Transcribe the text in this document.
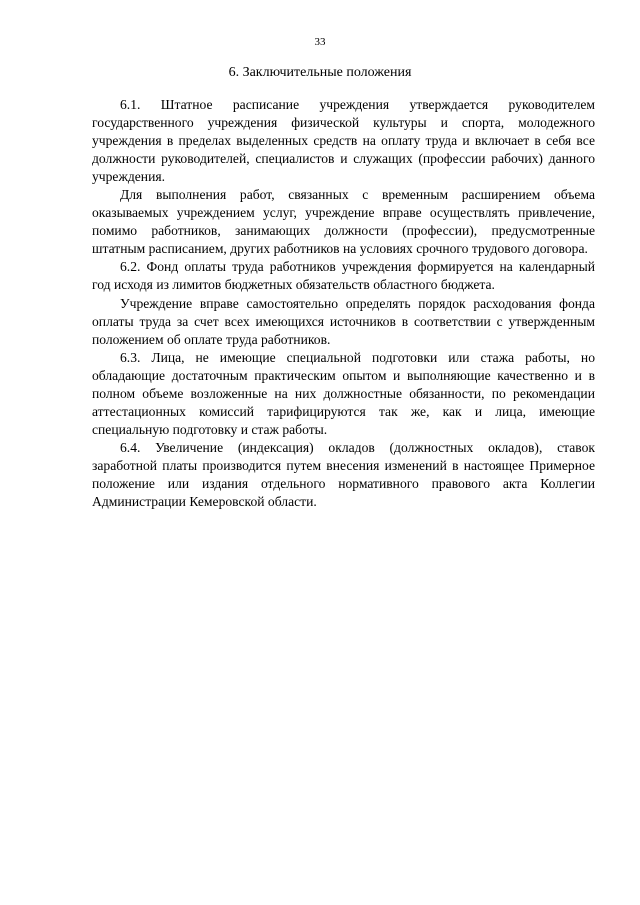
33
6. Заключительные положения

6.1. Штатное расписание учреждения утверждается руководителем государственного учреждения физической культуры и спорта, молодежного учреждения в пределах выделенных средств на оплату труда и включает в себя все должности руководителей, специалистов и служащих (профессии рабочих) данного учреждения.

Для выполнения работ, связанных с временным расширением объема оказываемых учреждением услуг, учреждение вправе осуществлять привлечение, помимо работников, занимающих должности (профессии), предусмотренные штатным расписанием, других работников на условиях срочного трудового договора.

6.2. Фонд оплаты труда работников учреждения формируется на календарный год исходя из лимитов бюджетных обязательств областного бюджета.

Учреждение вправе самостоятельно определять порядок расходования фонда оплаты труда за счет всех имеющихся источников в соответствии с утвержденным положением об оплате труда работников.

6.3. Лица, не имеющие специальной подготовки или стажа работы, но обладающие достаточным практическим опытом и выполняющие качественно и в полном объеме возложенные на них должностные обязанности, по рекомендации аттестационных комиссий тарифицируются так же, как и лица, имеющие специальную подготовку и стаж работы.

6.4. Увеличение (индексация) окладов (должностных окладов), ставок заработной платы производится путем внесения изменений в настоящее Примерное положение или издания отдельного нормативного правового акта Коллегии Администрации Кемеровской области.
